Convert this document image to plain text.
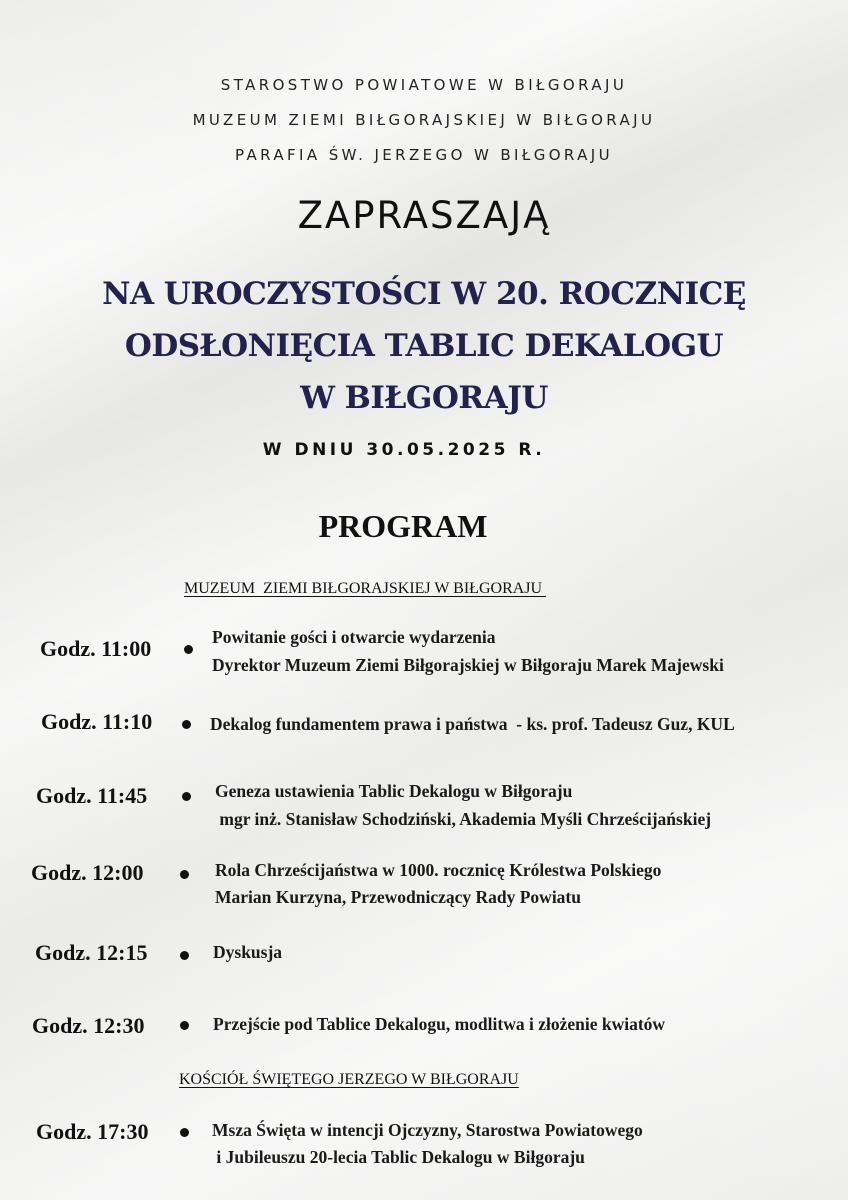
STAROSTWO POWIATOWE W BIŁGORAJU
MUZEUM ZIEMI BIŁGORAJSKIEJ W BIŁGORAJU
PARAFIA ŚW. JERZEGO W BIŁGORAJU
ZAPRASZAJĄ
NA UROCZYSTOŚCI W 20. ROCZNICĘ
ODSŁONIĘCIA TABLIC DEKALOGU
W BIŁGORAJU
W DNIU 30.05.2025 R.
PROGRAM
MUZEUM  ZIEMI BIŁGORAJSKIEJ W BIŁGORAJU
Godz. 11:00	Powitanie gości i otwarcie wydarzenia
Dyrektor Muzeum Ziemi Biłgorajskiej w Biłgoraju Marek Majewski
Godz. 11:10	Dekalog fundamentem prawa i państwa  - ks. prof. Tadeusz Guz, KUL
Godz. 11:45	Geneza ustawienia Tablic Dekalogu w Biłgoraju
mgr inż. Stanisław Schodziński, Akademia Myśli Chrześcijańskiej
Godz. 12:00	Rola Chrześcijaństwa w 1000. rocznicę Królestwa Polskiego
Marian Kurzyna, Przewodniczący Rady Powiatu
Godz. 12:15	Dyskusja
Godz. 12:30	Przejście pod Tablice Dekalogu, modlitwa i złożenie kwiatów
KOŚCIÓŁ ŚWIĘTEGO JERZEGO W BIŁGORAJU
Godz. 17:30	Msza Święta w intencji Ojczyzny, Starostwa Powiatowego
i Jubileuszu 20-lecia Tablic Dekalogu w Biłgoraju
